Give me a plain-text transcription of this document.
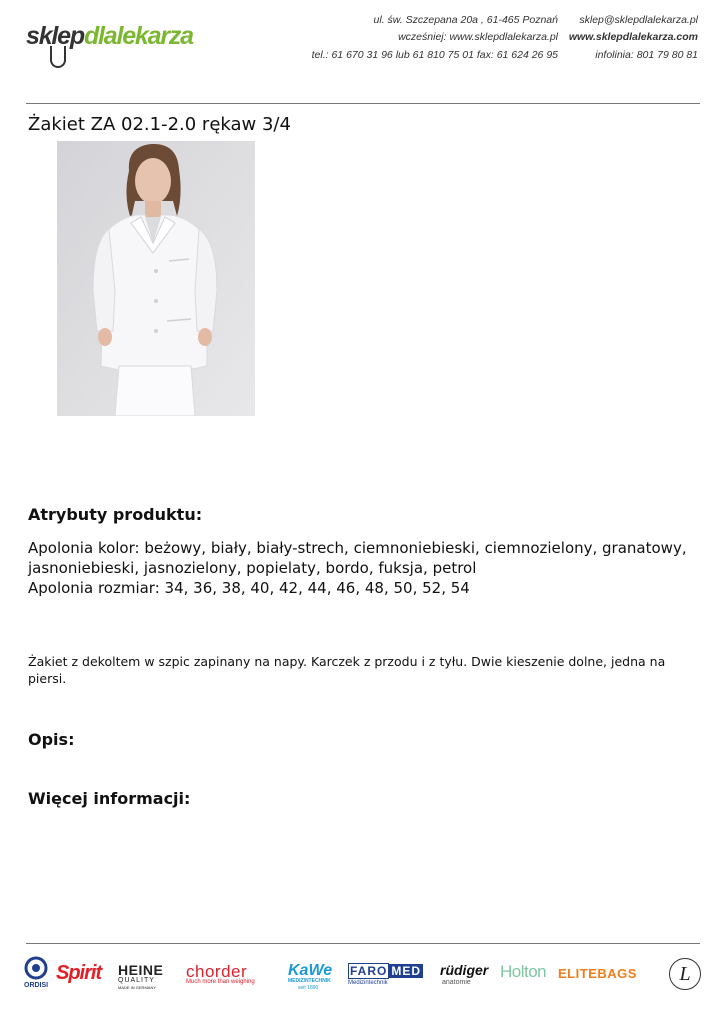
sklepdlalekarza
ul. św. Szczepana 20a , 61-465 Poznań
wcześniej: www.sklepdlalekarza.pl
tel.: 61 670 31 96 lub 61 810 75 01 fax: 61 624 26 95
sklep@sklepdlalekarza.pl
www.sklepdlalekarza.com
infolinia: 801 79 80 81
Żakiet ZA 02.1-2.0 rękaw 3/4
Atrybuty produktu:
Apolonia kolor: beżowy, biały, biały-strech, ciemnoniebieski, ciemnozielony, granatowy, jasnoniebieski, jasnozielony, popielaty, bordo, fuksja, petrol
Apolonia rozmiar: 34, 36, 38, 40, 42, 44, 46, 48, 50, 52, 54
Żakiet z dekoltem w szpic zapinany na napy. Karczek z przodu i z tyłu. Dwie kieszenie dolne, jedna na piersi.
Opis:
Więcej informacji:
ORDISI
Spirit HEINE
QUALITY
MADE IN GERMANY
chorder
Much more than weighing
KaWe
MEDIZINTECHNIK
seit 1890
FARO MED
Medizintechnik
rüdiger
anatomie
Holton ELITEBAGS L
